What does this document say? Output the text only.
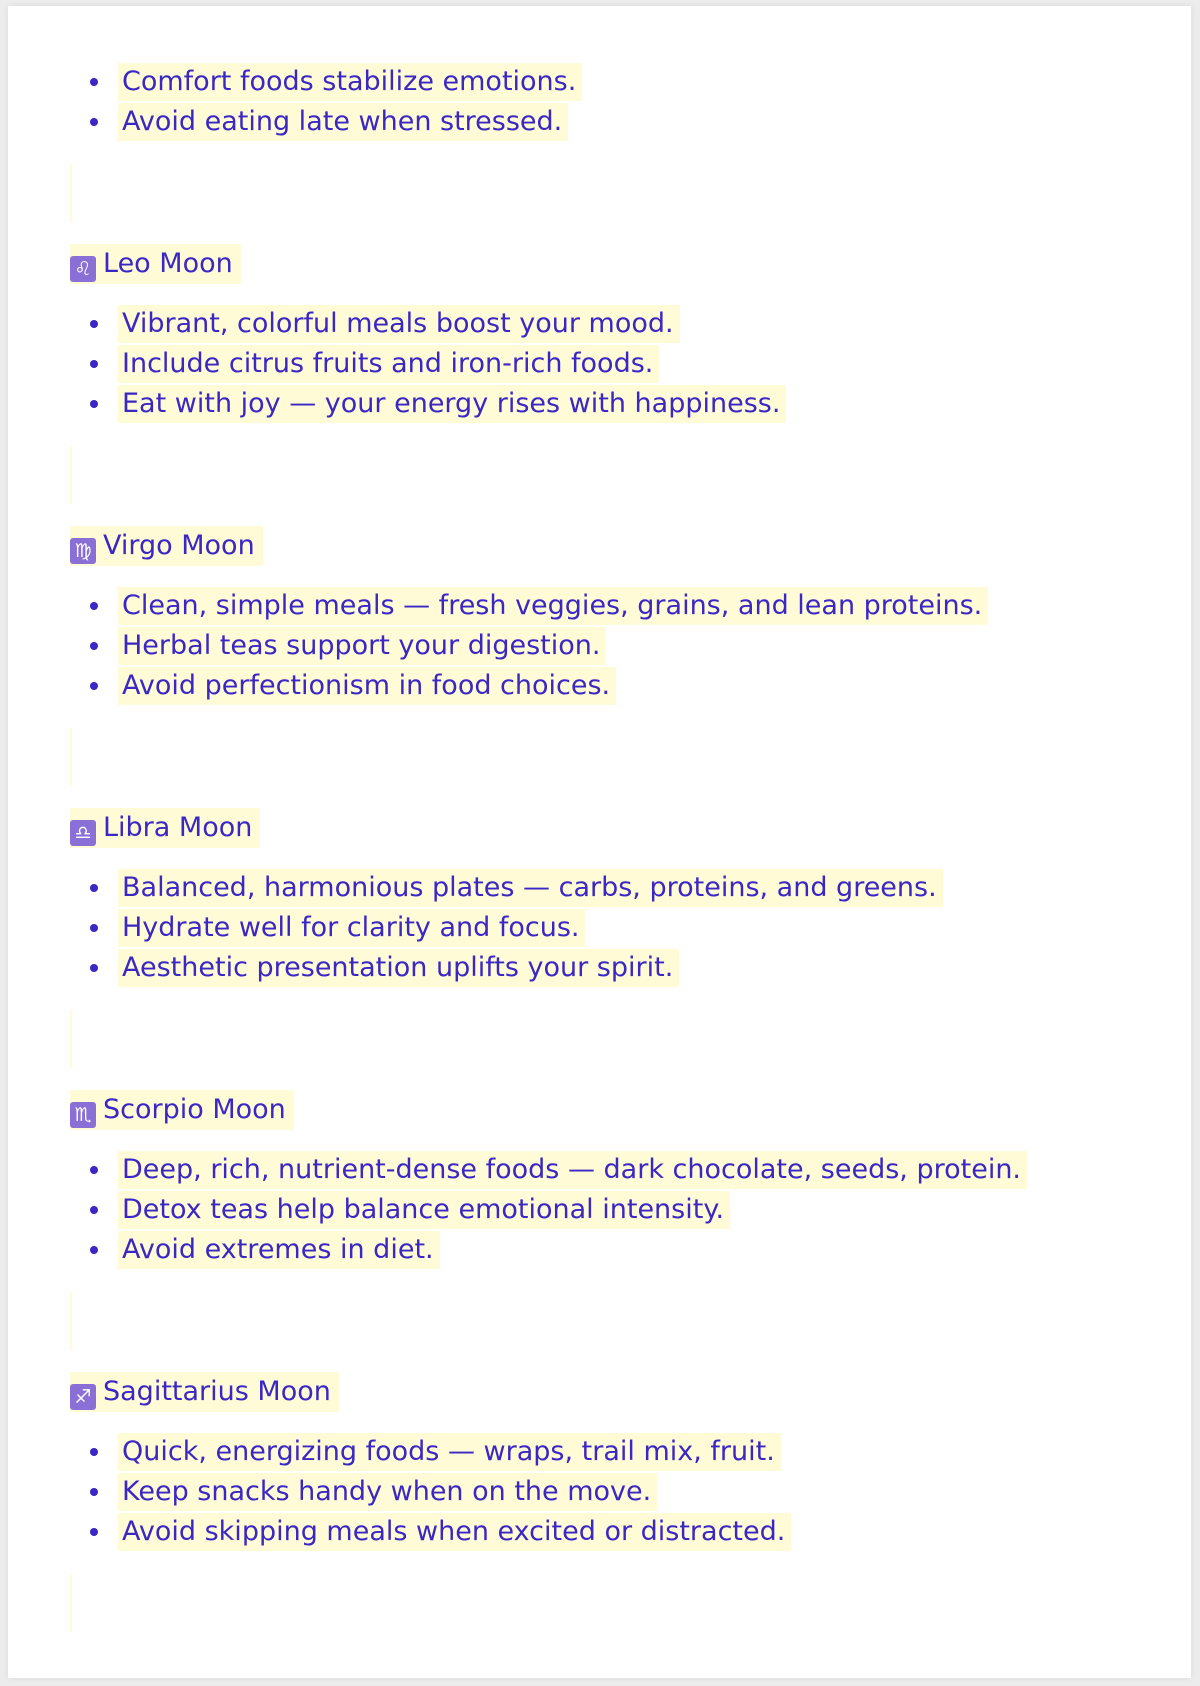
Comfort foods stabilize emotions.
Avoid eating late when stressed.
♌ Leo Moon
Vibrant, colorful meals boost your mood.
Include citrus fruits and iron-rich foods.
Eat with joy — your energy rises with happiness.
♍ Virgo Moon
Clean, simple meals — fresh veggies, grains, and lean proteins.
Herbal teas support your digestion.
Avoid perfectionism in food choices.
♎ Libra Moon
Balanced, harmonious plates — carbs, proteins, and greens.
Hydrate well for clarity and focus.
Aesthetic presentation uplifts your spirit.
♏ Scorpio Moon
Deep, rich, nutrient-dense foods — dark chocolate, seeds, protein.
Detox teas help balance emotional intensity.
Avoid extremes in diet.
♐ Sagittarius Moon
Quick, energizing foods — wraps, trail mix, fruit.
Keep snacks handy when on the move.
Avoid skipping meals when excited or distracted.
